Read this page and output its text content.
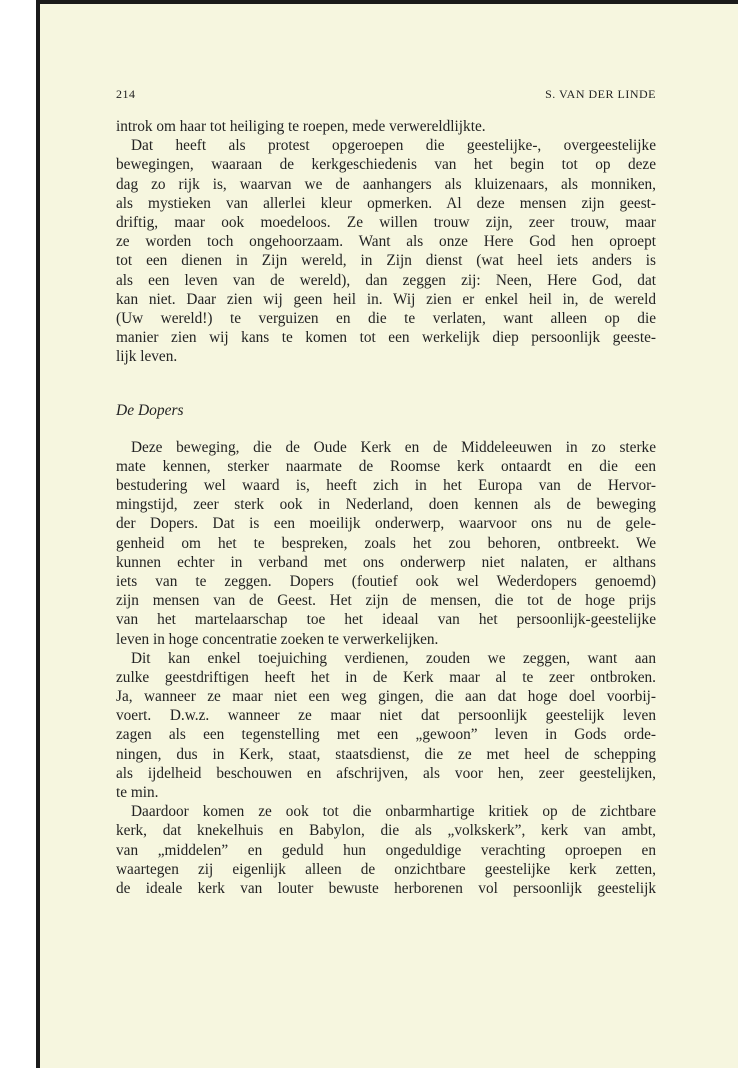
214	S. VAN DER LINDE
introk om haar tot heiliging te roepen, mede verwereldlijkte.
Dat heeft als protest opgeroepen die geestelijke-, overgeestelijke
bewegingen, waaraan de kerkgeschiedenis van het begin tot op deze
dag zo rijk is, waarvan we de aanhangers als kluizenaars, als monniken,
als mystieken van allerlei kleur opmerken. Al deze mensen zijn geest-
driftig, maar ook moedeloos. Ze willen trouw zijn, zeer trouw, maar
ze worden toch ongehoorzaam. Want als onze Here God hen oproept
tot een dienen in Zijn wereld, in Zijn dienst (wat heel iets anders is
als een leven van de wereld), dan zeggen zij: Neen, Here God, dat
kan niet. Daar zien wij geen heil in. Wij zien er enkel heil in, de wereld
(Uw wereld!) te verguizen en die te verlaten, want alleen op die
manier zien wij kans te komen tot een werkelijk diep persoonlijk geeste-
lijk leven.
De Dopers
Deze beweging, die de Oude Kerk en de Middeleeuwen in zo sterke
mate kennen, sterker naarmate de Roomse kerk ontaardt en die een
bestudering wel waard is, heeft zich in het Europa van de Hervor-
mingstijd, zeer sterk ook in Nederland, doen kennen als de beweging
der Dopers. Dat is een moeilijk onderwerp, waarvoor ons nu de gele-
genheid om het te bespreken, zoals het zou behoren, ontbreekt. We
kunnen echter in verband met ons onderwerp niet nalaten, er althans
iets van te zeggen. Dopers (foutief ook wel Wederdopers genoemd)
zijn mensen van de Geest. Het zijn de mensen, die tot de hoge prijs
van het martelaarschap toe het ideaal van het persoonlijk-geestelijke
leven in hoge concentratie zoeken te verwerkelijken.
Dit kan enkel toejuiching verdienen, zouden we zeggen, want aan
zulke geestdriftigen heeft het in de Kerk maar al te zeer ontbroken.
Ja, wanneer ze maar niet een weg gingen, die aan dat hoge doel voorbij-
voert. D.w.z. wanneer ze maar niet dat persoonlijk geestelijk leven
zagen als een tegenstelling met een „gewoon” leven in Gods orde-
ningen, dus in Kerk, staat, staatsdienst, die ze met heel de schepping
als ijdelheid beschouwen en afschrijven, als voor hen, zeer geestelijken,
te min.
Daardoor komen ze ook tot die onbarmhartige kritiek op de zichtbare
kerk, dat knekelhuis en Babylon, die als „volkskerk”, kerk van ambt,
van „middelen” en geduld hun ongeduldige verachting oproepen en
waartegen zij eigenlijk alleen de onzichtbare geestelijke kerk zetten,
de ideale kerk van louter bewuste herborenen vol persoonlijk geestelijk
